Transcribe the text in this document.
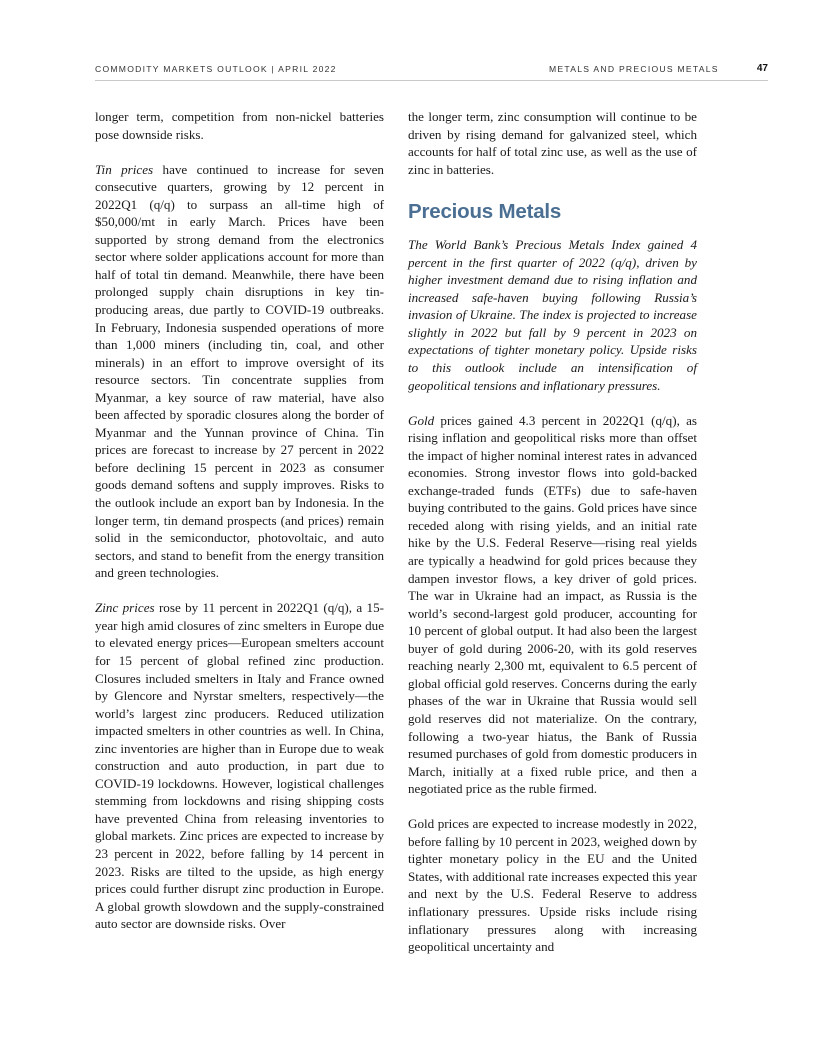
COMMODITY MARKETS OUTLOOK | APRIL 2022	METALS AND PRECIOUS METALS	47

longer term, competition from non-nickel batteries pose downside risks.

Tin prices have continued to increase for seven consecutive quarters, growing by 12 percent in 2022Q1 (q/q) to surpass an all-time high of $50,000/mt in early March. Prices have been supported by strong demand from the electronics sector where solder applications account for more than half of total tin demand. Meanwhile, there have been prolonged supply chain disruptions in key tin-producing areas, due partly to COVID-19 outbreaks. In February, Indonesia suspended operations of more than 1,000 miners (including tin, coal, and other minerals) in an effort to improve oversight of its resource sectors. Tin concentrate supplies from Myanmar, a key source of raw material, have also been affected by sporadic closures along the border of Myanmar and the Yunnan province of China. Tin prices are forecast to increase by 27 percent in 2022 before declining 15 percent in 2023 as consumer goods demand softens and supply improves. Risks to the outlook include an export ban by Indonesia. In the longer term, tin demand prospects (and prices) remain solid in the semiconductor, photovoltaic, and auto sectors, and stand to benefit from the energy transition and green technologies.

Zinc prices rose by 11 percent in 2022Q1 (q/q), a 15-year high amid closures of zinc smelters in Europe due to elevated energy prices—European smelters account for 15 percent of global refined zinc production. Closures included smelters in Italy and France owned by Glencore and Nyrstar smelters, respectively—the world’s largest zinc producers. Reduced utilization impacted smelters in other countries as well. In China, zinc inventories are higher than in Europe due to weak construction and auto production, in part due to COVID-19 lockdowns. However, logistical challenges stemming from lockdowns and rising shipping costs have prevented China from releasing inventories to global markets. Zinc prices are expected to increase by 23 percent in 2022, before falling by 14 percent in 2023. Risks are tilted to the upside, as high energy prices could further disrupt zinc production in Europe. A global growth slowdown and the supply-constrained auto sector are downside risks. Over

the longer term, zinc consumption will continue to be driven by rising demand for galvanized steel, which accounts for half of total zinc use, as well as the use of zinc in batteries.

Precious Metals

The World Bank’s Precious Metals Index gained 4 percent in the first quarter of 2022 (q/q), driven by higher investment demand due to rising inflation and increased safe-haven buying following Russia’s invasion of Ukraine. The index is projected to increase slightly in 2022 but fall by 9 percent in 2023 on expectations of tighter monetary policy. Upside risks to this outlook include an intensification of geopolitical tensions and inflationary pressures.

Gold prices gained 4.3 percent in 2022Q1 (q/q), as rising inflation and geopolitical risks more than offset the impact of higher nominal interest rates in advanced economies. Strong investor flows into gold-backed exchange-traded funds (ETFs) due to safe-haven buying contributed to the gains. Gold prices have since receded along with rising yields, and an initial rate hike by the U.S. Federal Reserve—rising real yields are typically a headwind for gold prices because they dampen investor flows, a key driver of gold prices. The war in Ukraine had an impact, as Russia is the world’s second-largest gold producer, accounting for 10 percent of global output. It had also been the largest buyer of gold during 2006-20, with its gold reserves reaching nearly 2,300 mt, equivalent to 6.5 percent of global official gold reserves. Concerns during the early phases of the war in Ukraine that Russia would sell gold reserves did not materialize. On the contrary, following a two-year hiatus, the Bank of Russia resumed purchases of gold from domestic producers in March, initially at a fixed ruble price, and then a negotiated price as the ruble firmed.

Gold prices are expected to increase modestly in 2022, before falling by 10 percent in 2023, weighed down by tighter monetary policy in the EU and the United States, with additional rate increases expected this year and next by the U.S. Federal Reserve to address inflationary pressures. Upside risks include rising inflationary pressures along with increasing geopolitical uncertainty and
